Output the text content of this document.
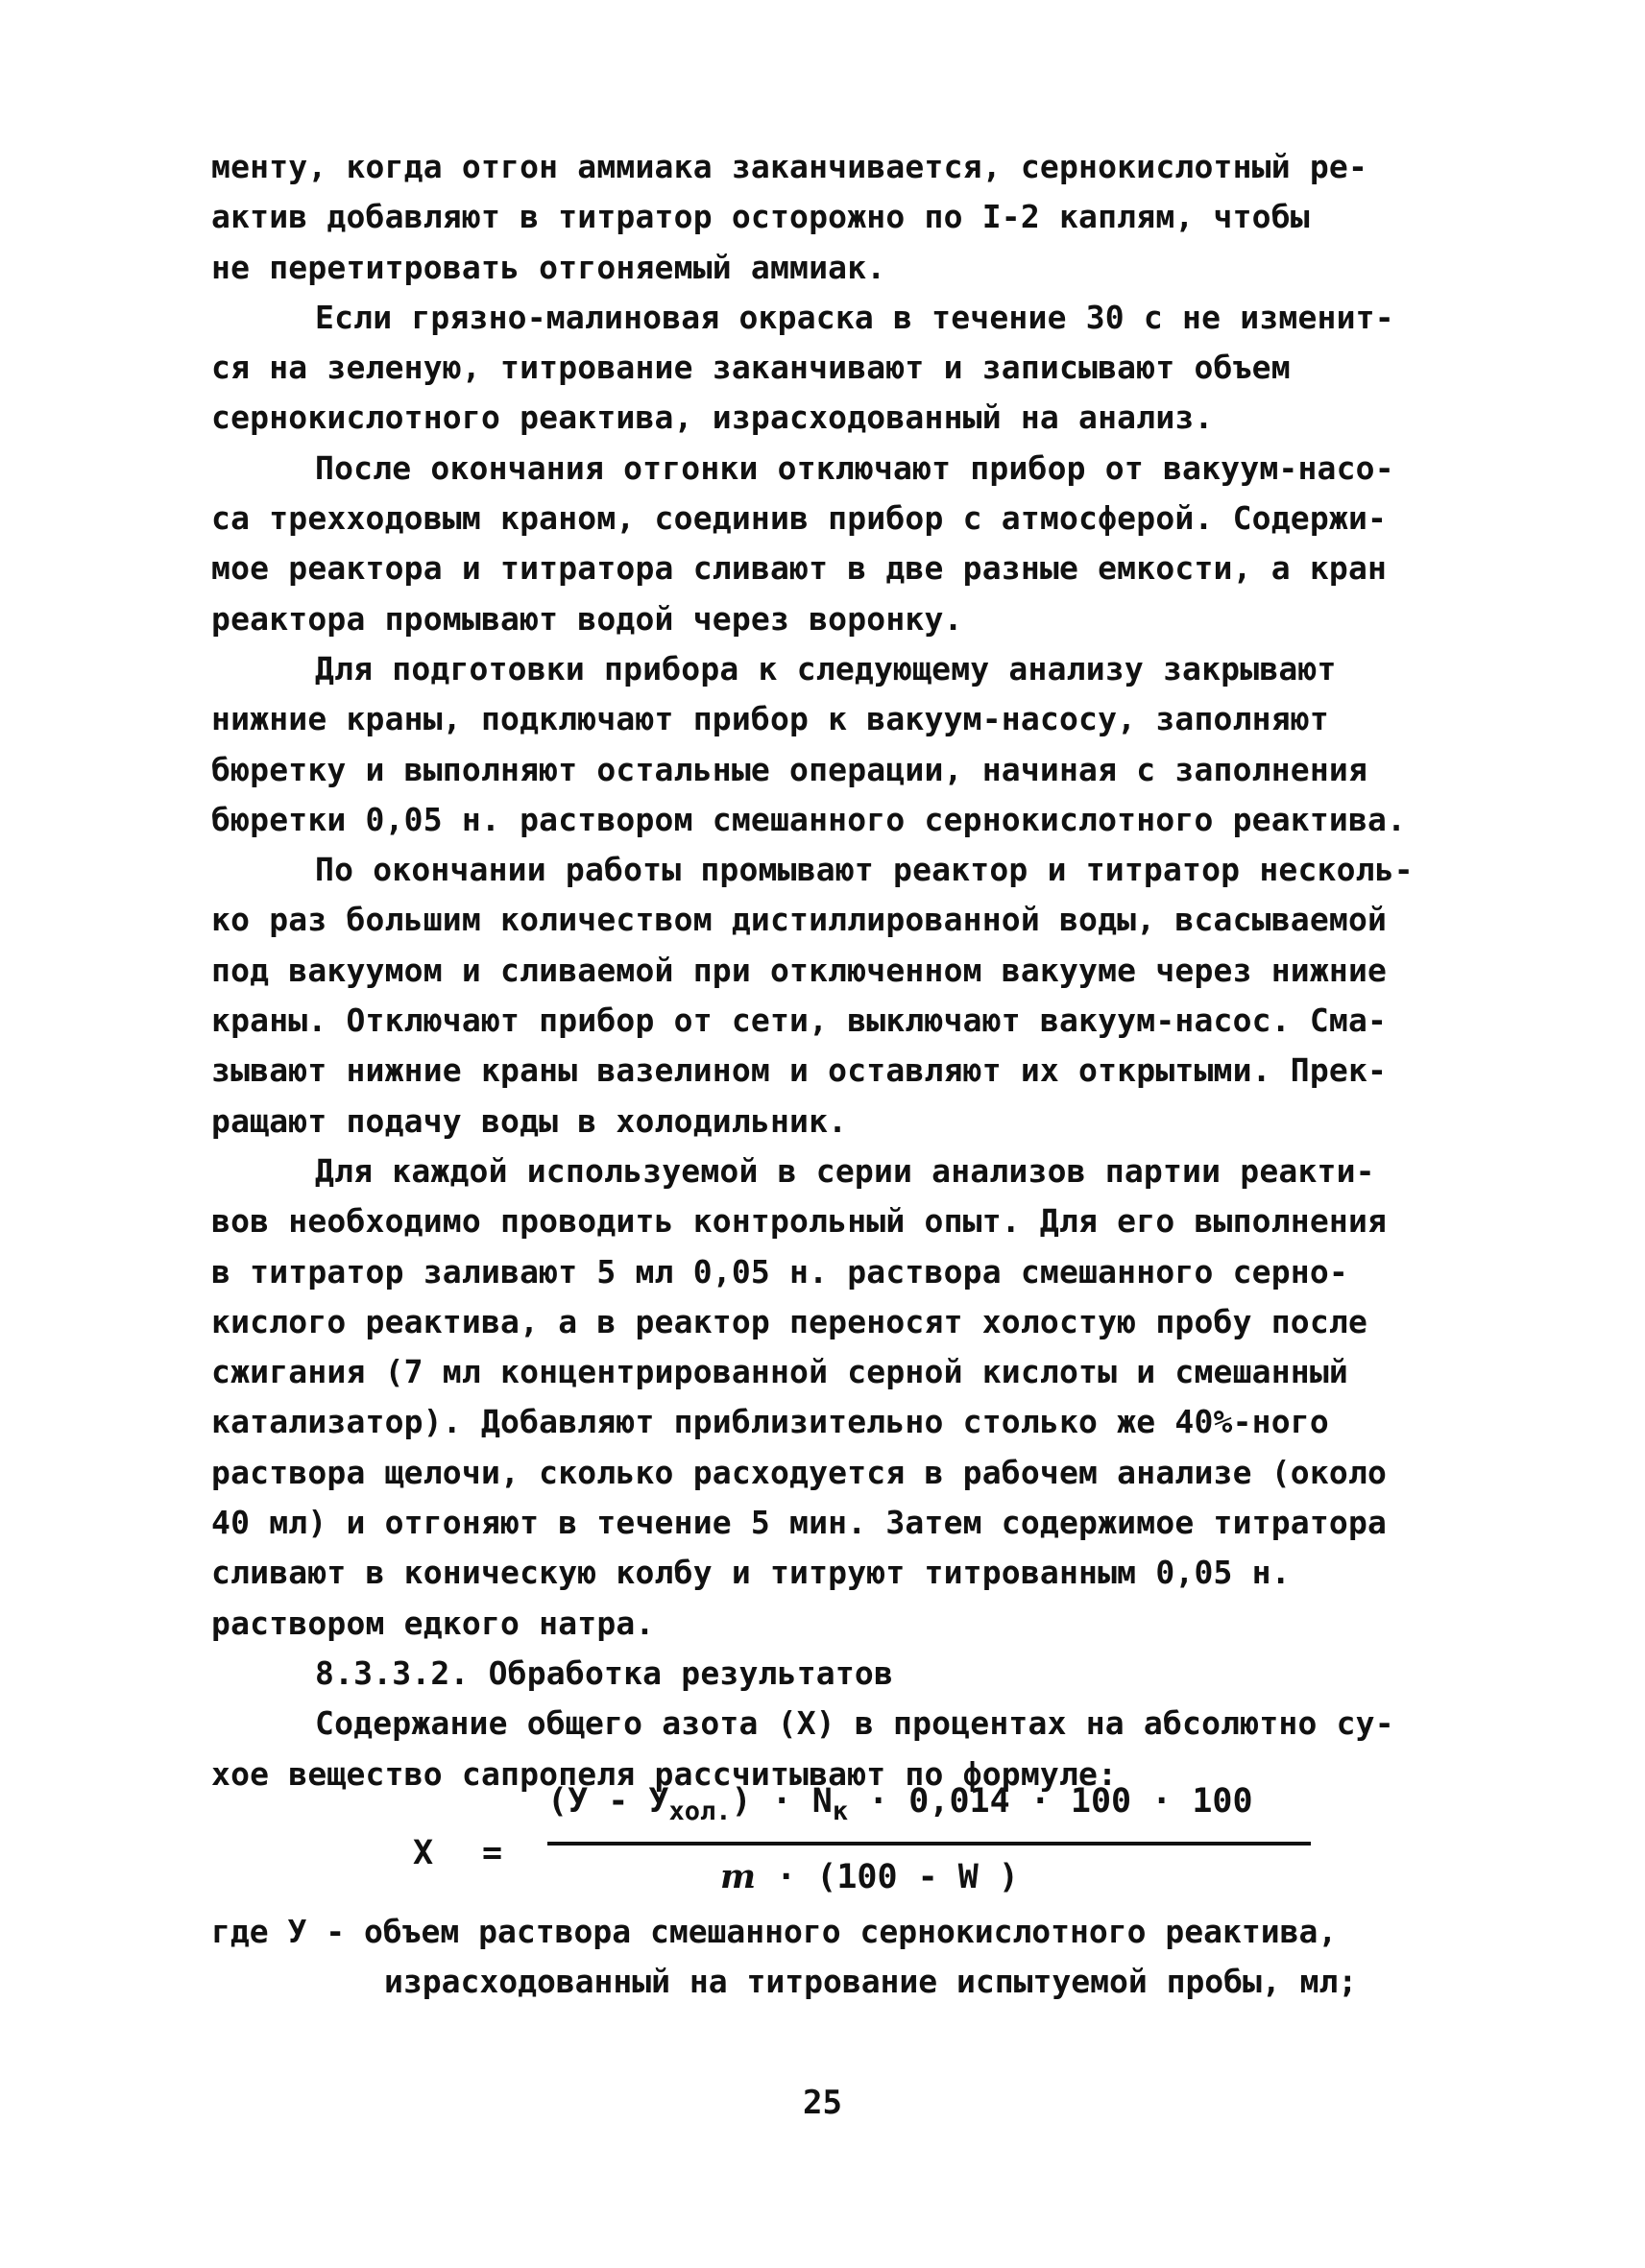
менту, когда отгон аммиака заканчивается, сернокислотный ре-
актив добавляют в титратор осторожно по I-2 каплям, чтобы
не перетитровать отгоняемый аммиак.
Если грязно-малиновая окраска в течение 30 с не изменит-
ся на зеленую, титрование заканчивают и записывают объем
сернокислотного реактива, израсходованный на анализ.
После окончания отгонки отключают прибор от вакуум-насо-
са трехходовым краном, соединив прибор с атмосферой. Содержи-
мое реактора и титратора сливают в две разные емкости, а кран
реактора промывают водой через воронку.
Для подготовки прибора к следующему анализу закрывают
нижние краны, подключают прибор к вакуум-насосу, заполняют
бюретку и выполняют остальные операции, начиная с заполнения
бюретки 0,05 н. раствором смешанного сернокислотного реактива.
По окончании работы промывают реактор и титратор несколь-
ко раз большим количеством дистиллированной воды, всасываемой
под вакуумом и сливаемой при отключенном вакууме через нижние
краны. Отключают прибор от сети, выключают вакуум-насос. Сма-
зывают нижние краны вазелином и оставляют их открытыми. Прек-
ращают подачу воды в холодильник.
Для каждой используемой в серии анализов партии реакти-
вов необходимо проводить контрольный опыт. Для его выполнения
в титратор заливают 5 мл 0,05 н. раствора смешанного серно-
кислого реактива, а в реактор переносят холостую пробу после
сжигания (7 мл концентрированной серной кислоты и смешанный
катализатор). Добавляют приблизительно столько же 40%-ного
раствора щелочи, сколько расходуется в рабочем анализе (около
40 мл) и отгоняют в течение 5 мин. Затем содержимое титратора
сливают в коническую колбу и титруют титрованным 0,05 н.
раствором едкого натра.
8.3.3.2. Обработка результатов
Содержание общего азота (X) в процентах на абсолютно су-
хое вещество сапропеля рассчитывают по формуле:
X =
$(У - У_{хол.}) \cdot N_к \cdot 0,014 \cdot 100 \cdot 100$
m · (100 - W )
где У - объем раствора смешанного сернокислотного реактива,
израсходованный на титрование испытуемой пробы, мл;
25
